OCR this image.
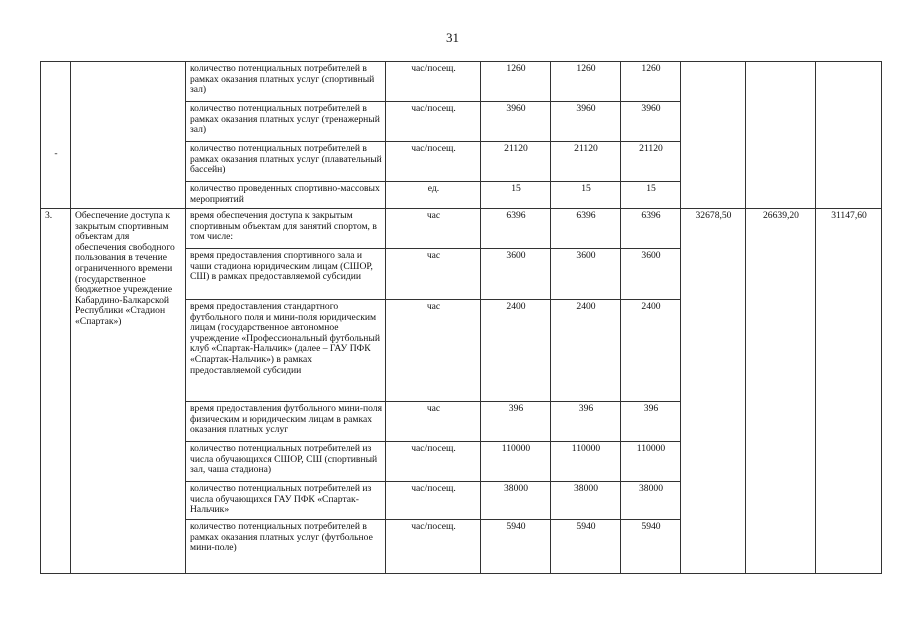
31
-		количество потенциальных потребителей в рамках оказания платных услуг (спортивный зал)	час/посещ.	1260	1260	1260			
		количество потенциальных потребителей в рамках оказания платных услуг (тренажерный зал)	час/посещ.	3960	3960	3960			
		количество потенциальных потребителей в рамках оказания платных услуг (плавательный бассейн)	час/посещ.	21120	21120	21120			
		количество проведенных спортивно-массовых мероприятий	ед.	15	15	15			
3.	Обеспечение доступа к закрытым спортивным объектам для обеспечения свободного пользования в течение ограниченного времени (государственное бюджетное учреждение Кабардино-Балкарской Республики «Стадион «Спартак»)	время обеспечения доступа к закрытым спортивным объектам для занятий спортом, в том числе:	час	6396	6396	6396	32678,50	26639,20	31147,60
		время предоставления спортивного зала и чаши стадиона юридическим лицам (СШОР, СШ) в рамках предоставляемой субсидии	час	3600	3600	3600			
		время предоставления стандартного футбольного поля и мини-поля юридическим лицам (государственное автономное учреждение «Профессиональный футбольный клуб «Спартак-Нальчик» (далее – ГАУ ПФК «Спартак-Нальчик») в рамках предоставляемой субсидии	час	2400	2400	2400			
		время предоставления футбольного мини-поля физическим и юридическим лицам в рамках оказания платных услуг	час	396	396	396			
		количество потенциальных потребителей из числа обучающихся СШОР, СШ (спортивный зал, чаша стадиона)	час/посещ.	110000	110000	110000			
		количество потенциальных потребителей из числа обучающихся ГАУ ПФК «Спартак-Нальчик»	час/посещ.	38000	38000	38000			
		количество потенциальных потребителей в рамках оказания платных услуг (футбольное мини-поле)	час/посещ.	5940	5940	5940			
